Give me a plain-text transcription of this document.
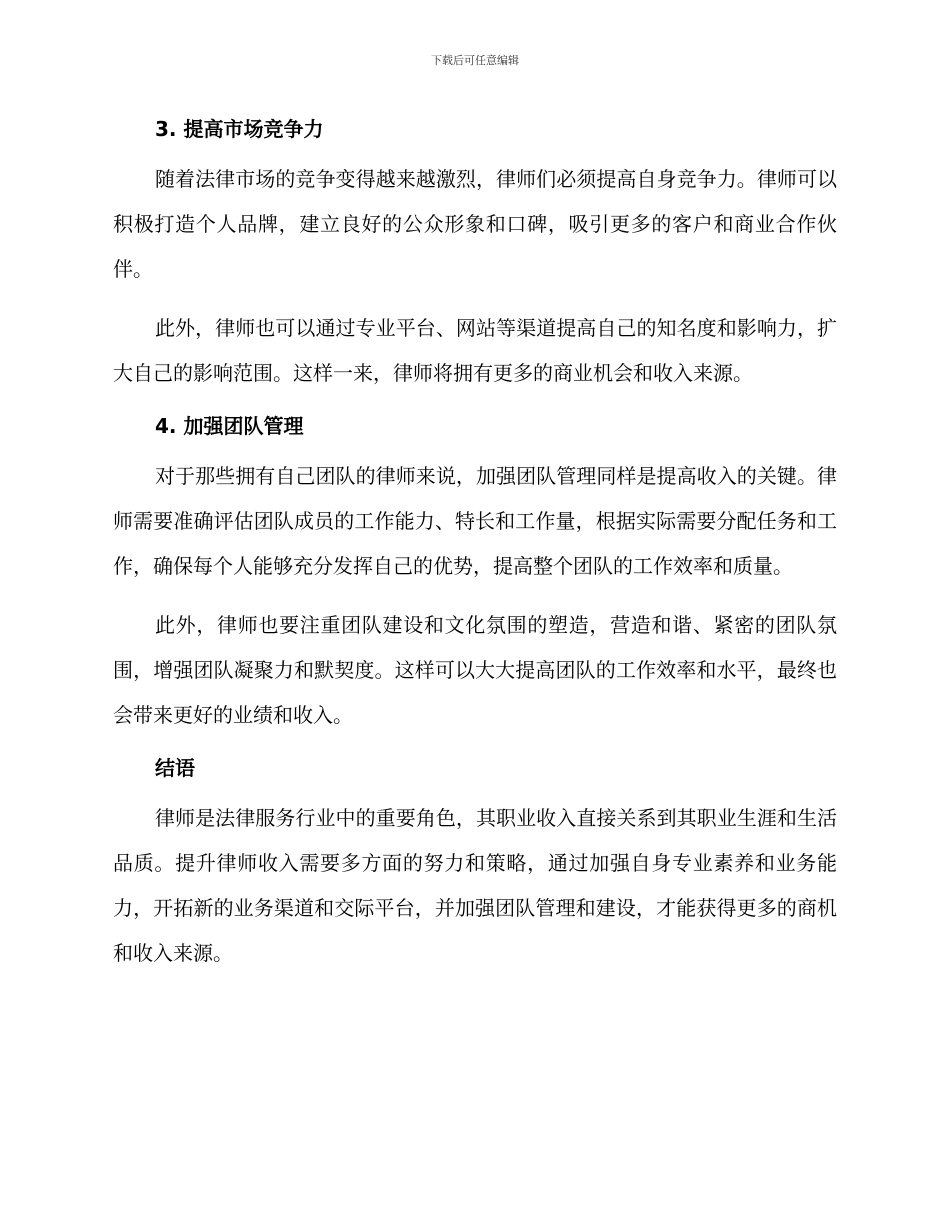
下载后可任意编辑
3. 提高市场竞争力

随着法律市场的竞争变得越来越激烈，律师们必须提高自身竞争力。律师可以积极打造个人品牌，建立良好的公众形象和口碑，吸引更多的客户和商业合作伙伴。

此外，律师也可以通过专业平台、网站等渠道提高自己的知名度和影响力，扩大自己的影响范围。这样一来，律师将拥有更多的商业机会和收入来源。

4. 加强团队管理

对于那些拥有自己团队的律师来说，加强团队管理同样是提高收入的关键。律师需要准确评估团队成员的工作能力、特长和工作量，根据实际需要分配任务和工作，确保每个人能够充分发挥自己的优势，提高整个团队的工作效率和质量。

此外，律师也要注重团队建设和文化氛围的塑造，营造和谐、紧密的团队氛围，增强团队凝聚力和默契度。这样可以大大提高团队的工作效率和水平，最终也会带来更好的业绩和收入。

结语

律师是法律服务行业中的重要角色，其职业收入直接关系到其职业生涯和生活品质。提升律师收入需要多方面的努力和策略，通过加强自身专业素养和业务能力，开拓新的业务渠道和交际平台，并加强团队管理和建设，才能获得更多的商机和收入来源。
